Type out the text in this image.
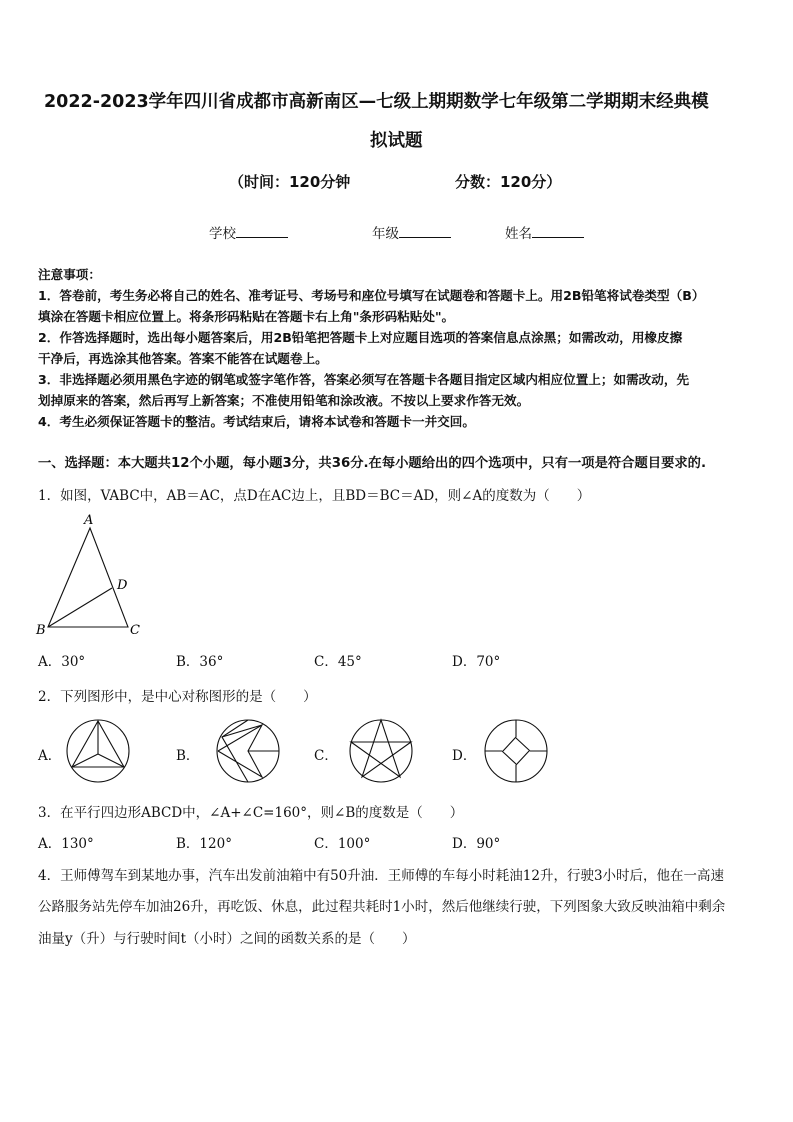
2022-2023学年四川省成都市高新南区—七级上期期数学七年级第二学期期末经典模
拟试题
（时间：120分钟	分数：120分）
学校	年级	姓名
注意事项：
1．答卷前，考生务必将自己的姓名、准考证号、考场号和座位号填写在试题卷和答题卡上。用2B铅笔将试卷类型（B）
填涂在答题卡相应位置上。将条形码粘贴在答题卡右上角"条形码粘贴处"。
2．作答选择题时，选出每小题答案后，用2B铅笔把答题卡上对应题目选项的答案信息点涂黑；如需改动，用橡皮擦
干净后，再选涂其他答案。答案不能答在试题卷上。
3．非选择题必须用黑色字迹的钢笔或签字笔作答，答案必须写在答题卡各题目指定区域内相应位置上；如需改动，先
划掉原来的答案，然后再写上新答案；不准使用铅笔和涂改液。不按以上要求作答无效。
4．考生必须保证答题卡的整洁。考试结束后，请将本试卷和答题卡一并交回。
一、选择题：本大题共12个小题，每小题3分，共36分.在每小题给出的四个选项中，只有一项是符合题目要求的.
1．如图，VABC中，AB＝AC，点D在AC边上，且BD＝BC＝AD，则∠A的度数为（　　）
A
B	C
D
A．30°	B．36°	C．45°	D．70°
2．下列图形中，是中心对称图形的是（　　）
A．	B．	C．	D．
3．在平行四边形ABCD中，∠A+∠C=160°，则∠B的度数是（　　）
A．130°	B．120°	C．100°	D．90°
4．王师傅驾车到某地办事，汽车出发前油箱中有50升油．王师傅的车每小时耗油12升，行驶3小时后，他在一高速
公路服务站先停车加油26升，再吃饭、休息，此过程共耗时1小时，然后他继续行驶，下列图象大致反映油箱中剩余
油量y（升）与行驶时间t（小时）之间的函数关系的是（　　）
